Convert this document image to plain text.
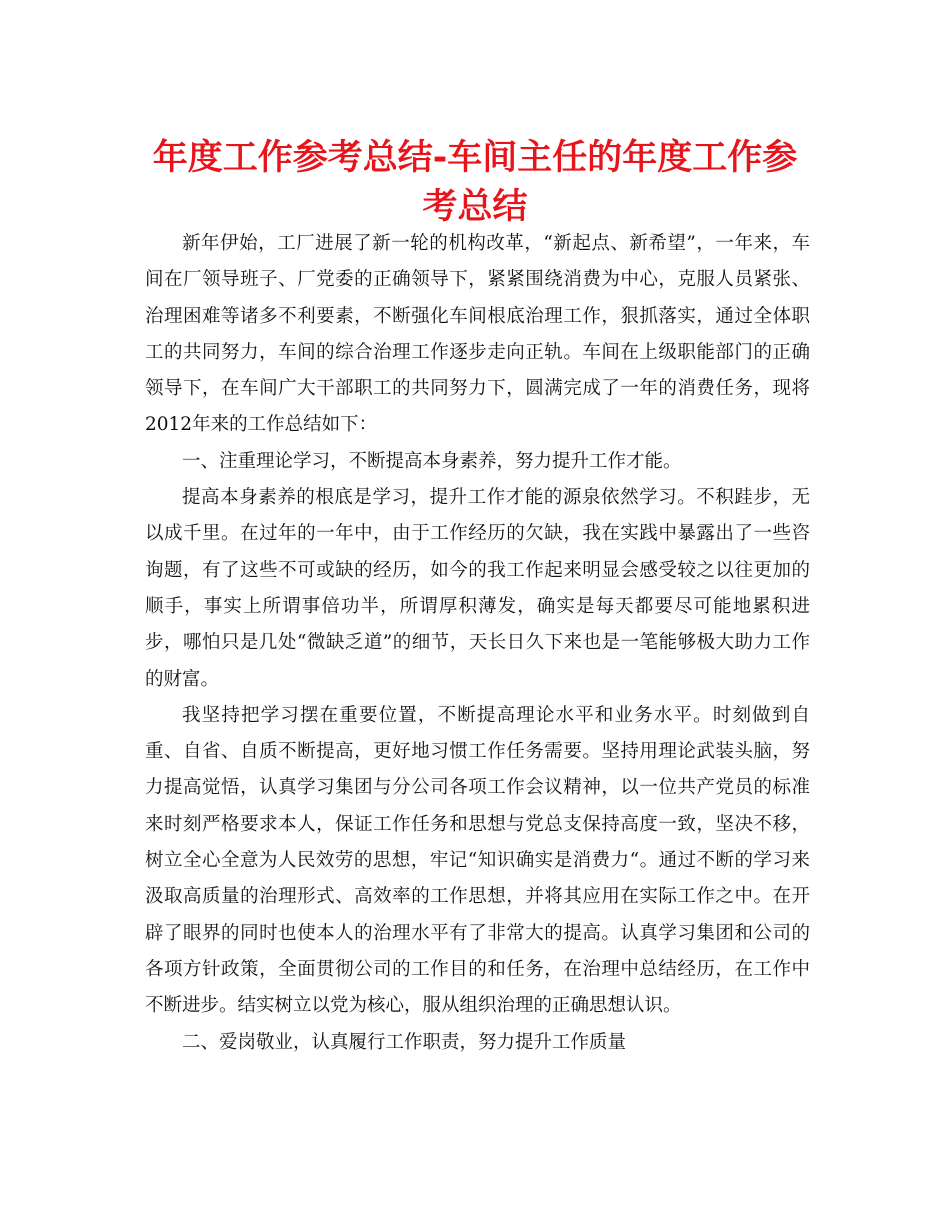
年度工作参考总结-车间主任的年度工作参考总结

新年伊始，工厂进展了新一轮的机构改革，“新起点、新希望”，一年来，车间在厂领导班子、厂党委的正确领导下，紧紧围绕消费为中心，克服人员紧张、治理困难等诸多不利要素，不断强化车间根底治理工作，狠抓落实，通过全体职工的共同努力，车间的综合治理工作逐步走向正轨。车间在上级职能部门的正确领导下，在车间广大干部职工的共同努力下，圆满完成了一年的消费任务，现将2012年来的工作总结如下：

一、注重理论学习，不断提高本身素养，努力提升工作才能。

提高本身素养的根底是学习，提升工作才能的源泉依然学习。不积跬步，无以成千里。在过年的一年中，由于工作经历的欠缺，我在实践中暴露出了一些咨询题，有了这些不可或缺的经历，如今的我工作起来明显会感受较之以往更加的顺手，事实上所谓事倍功半，所谓厚积薄发，确实是每天都要尽可能地累积进步，哪怕只是几处“微缺乏道”的细节，天长日久下来也是一笔能够极大助力工作的财富。

我坚持把学习摆在重要位置，不断提高理论水平和业务水平。时刻做到自重、自省、自质不断提高，更好地习惯工作任务需要。坚持用理论武装头脑，努力提高觉悟，认真学习集团与分公司各项工作会议精神，以一位共产党员的标准来时刻严格要求本人，保证工作任务和思想与党总支保持高度一致，坚决不移，树立全心全意为人民效劳的思想，牢记“知识确实是消费力“。通过不断的学习来汲取高质量的治理形式、高效率的工作思想，并将其应用在实际工作之中。在开辟了眼界的同时也使本人的治理水平有了非常大的提高。认真学习集团和公司的各项方针政策，全面贯彻公司的工作目的和任务，在治理中总结经历，在工作中不断进步。结实树立以党为核心，服从组织治理的正确思想认识。

二、爱岗敬业，认真履行工作职责，努力提升工作质量
